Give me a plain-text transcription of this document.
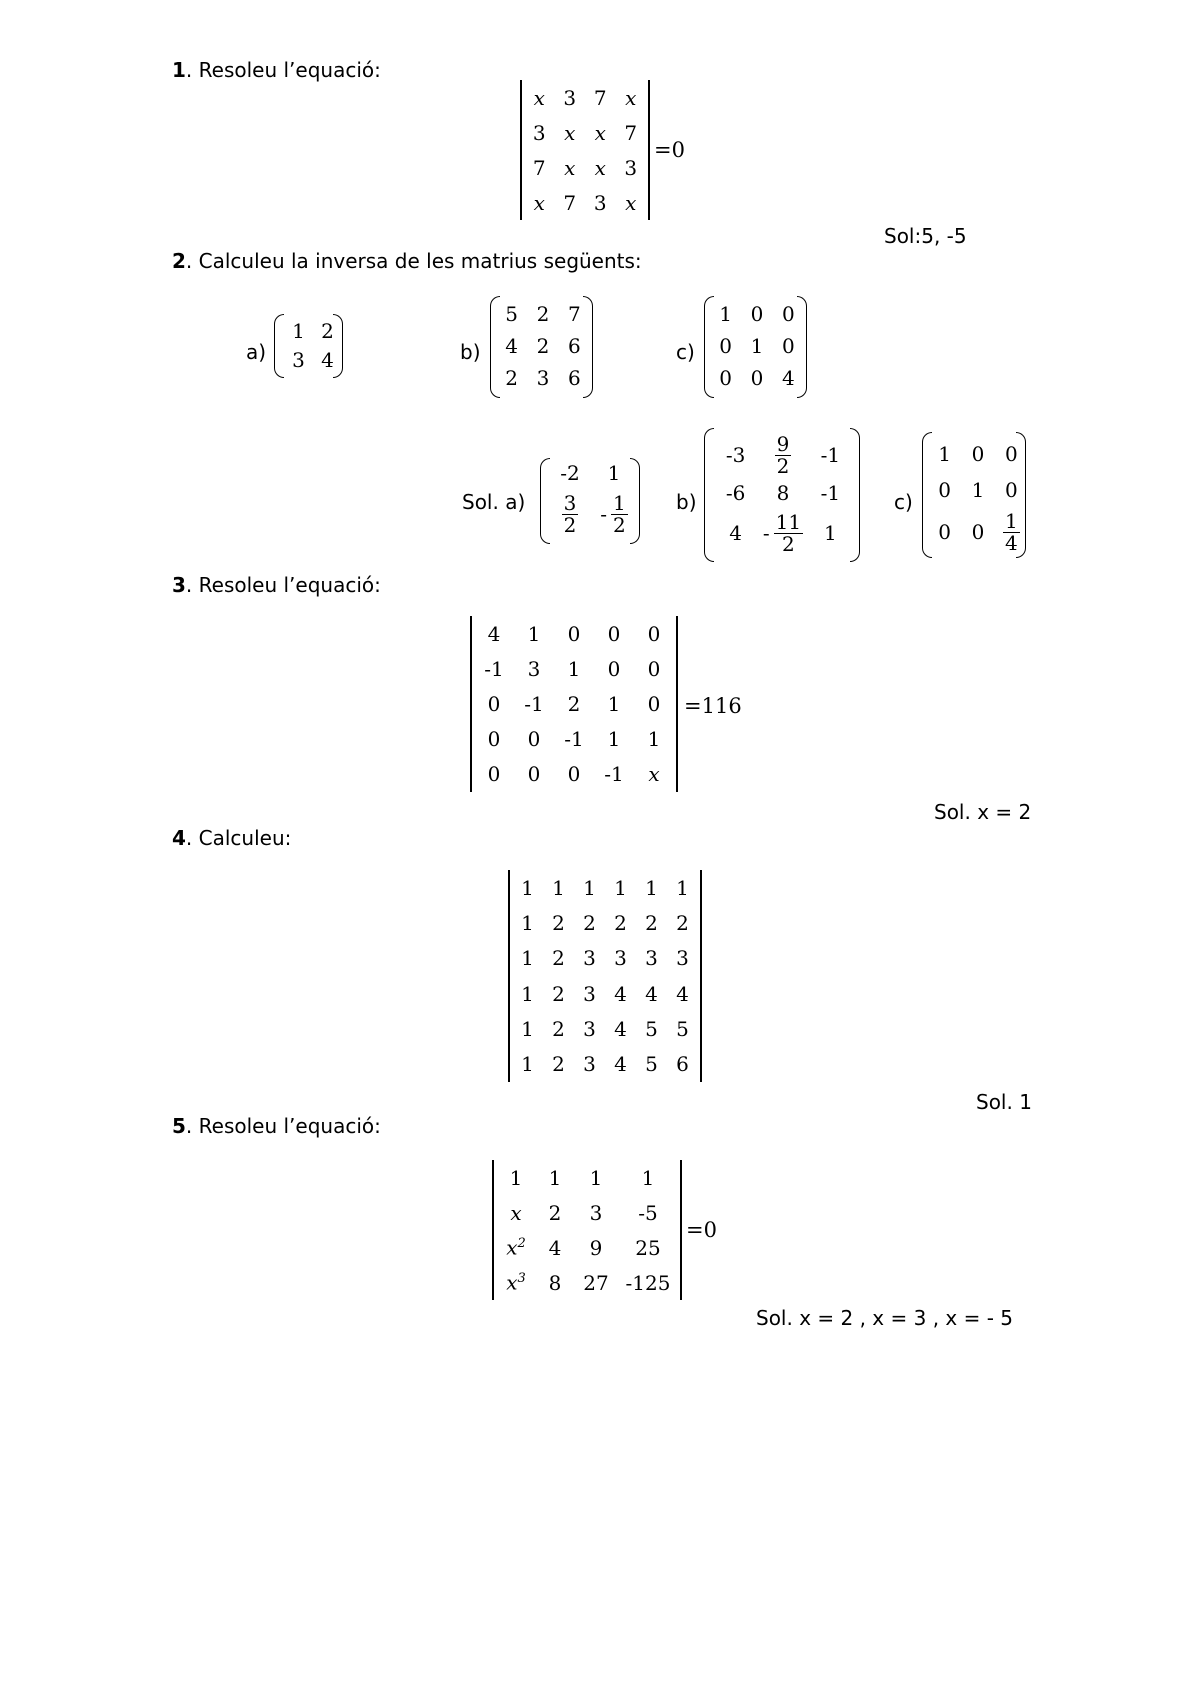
1. Resoleu l’equació:
x 3 7 x
3 x x 7
7 x x 3
x 7 3 x
=0
Sol:5, -5
2. Calculeu la inversa de les matrius següents:
a)
1 2
3 4	b)
5 2 7
4 2 6
2 3 6
c)
1 0 0
0 1 0
0 0 4
Sol. a)
-2 1
$\frac{3}{2} - \frac{1}{2} b$)
$-3 \frac{9}{2} -1$
-6 8 -1
$4 - \frac{11}{2} 1$
c)
1 0 0
0 1 0
0 $0 \frac{1}{4}$
3. Resoleu l’equació:
4 1 0 0 0
-1 3 1 0 0
0 -1 2 1 0
0 0 -1 1 1
0 0 0 -1 x
=116
Sol. x = 2
4. Calculeu:
1 1 1 1 1 1
1 2 2 2 2 2
1 2 3 3 3 3
1 2 3 4 4 4
1 2 3 4 5 5
1 2 3 4 5 6
Sol. 1
5. Resoleu l’equació:
1 1 1 1
x 2 3 -5
$x^2$ 4 9 25
$x^3$ 8 27 -125
=0
Sol. x = 2 , x = 3 , x = - 5
